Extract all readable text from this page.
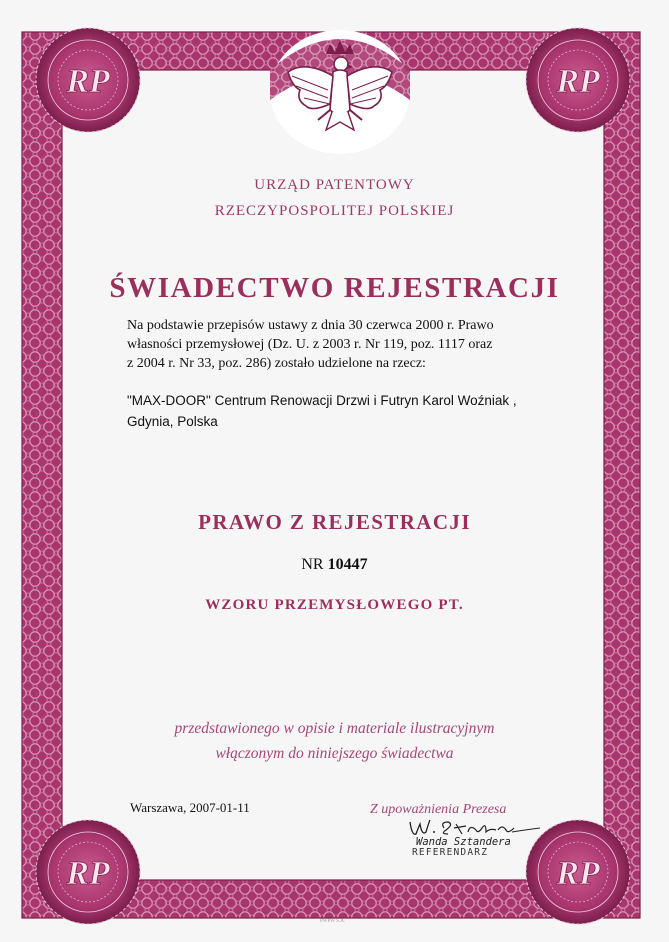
RP	RP
RP	RP
URZĄD PATENTOWY
RZECZYPOSPOLITEJ POLSKIEJ
ŚWIADECTWO REJESTRACJI
Na podstawie przepisów ustawy z dnia 30 czerwca 2000 r. Prawo
własności przemysłowej (Dz. U. z 2003 r. Nr 119, poz. 1117 oraz
z 2004 r. Nr 33, poz. 286) zostało udzielone na rzecz:
"MAX-DOOR" Centrum Renowacji Drzwi i Futryn Karol Woźniak ,
Gdynia, Polska
PRAWO Z REJESTRACJI
NR 10447
WZORU PRZEMYSŁOWEGO PT.
przedstawionego w opisie i materiale ilustracyjnym
włączonym do niniejszego świadectwa
Warszawa, 2007-01-11	Z upoważnienia Prezesa
Wanda Sztandera
REFERENDARZ
PWPW S.A.
